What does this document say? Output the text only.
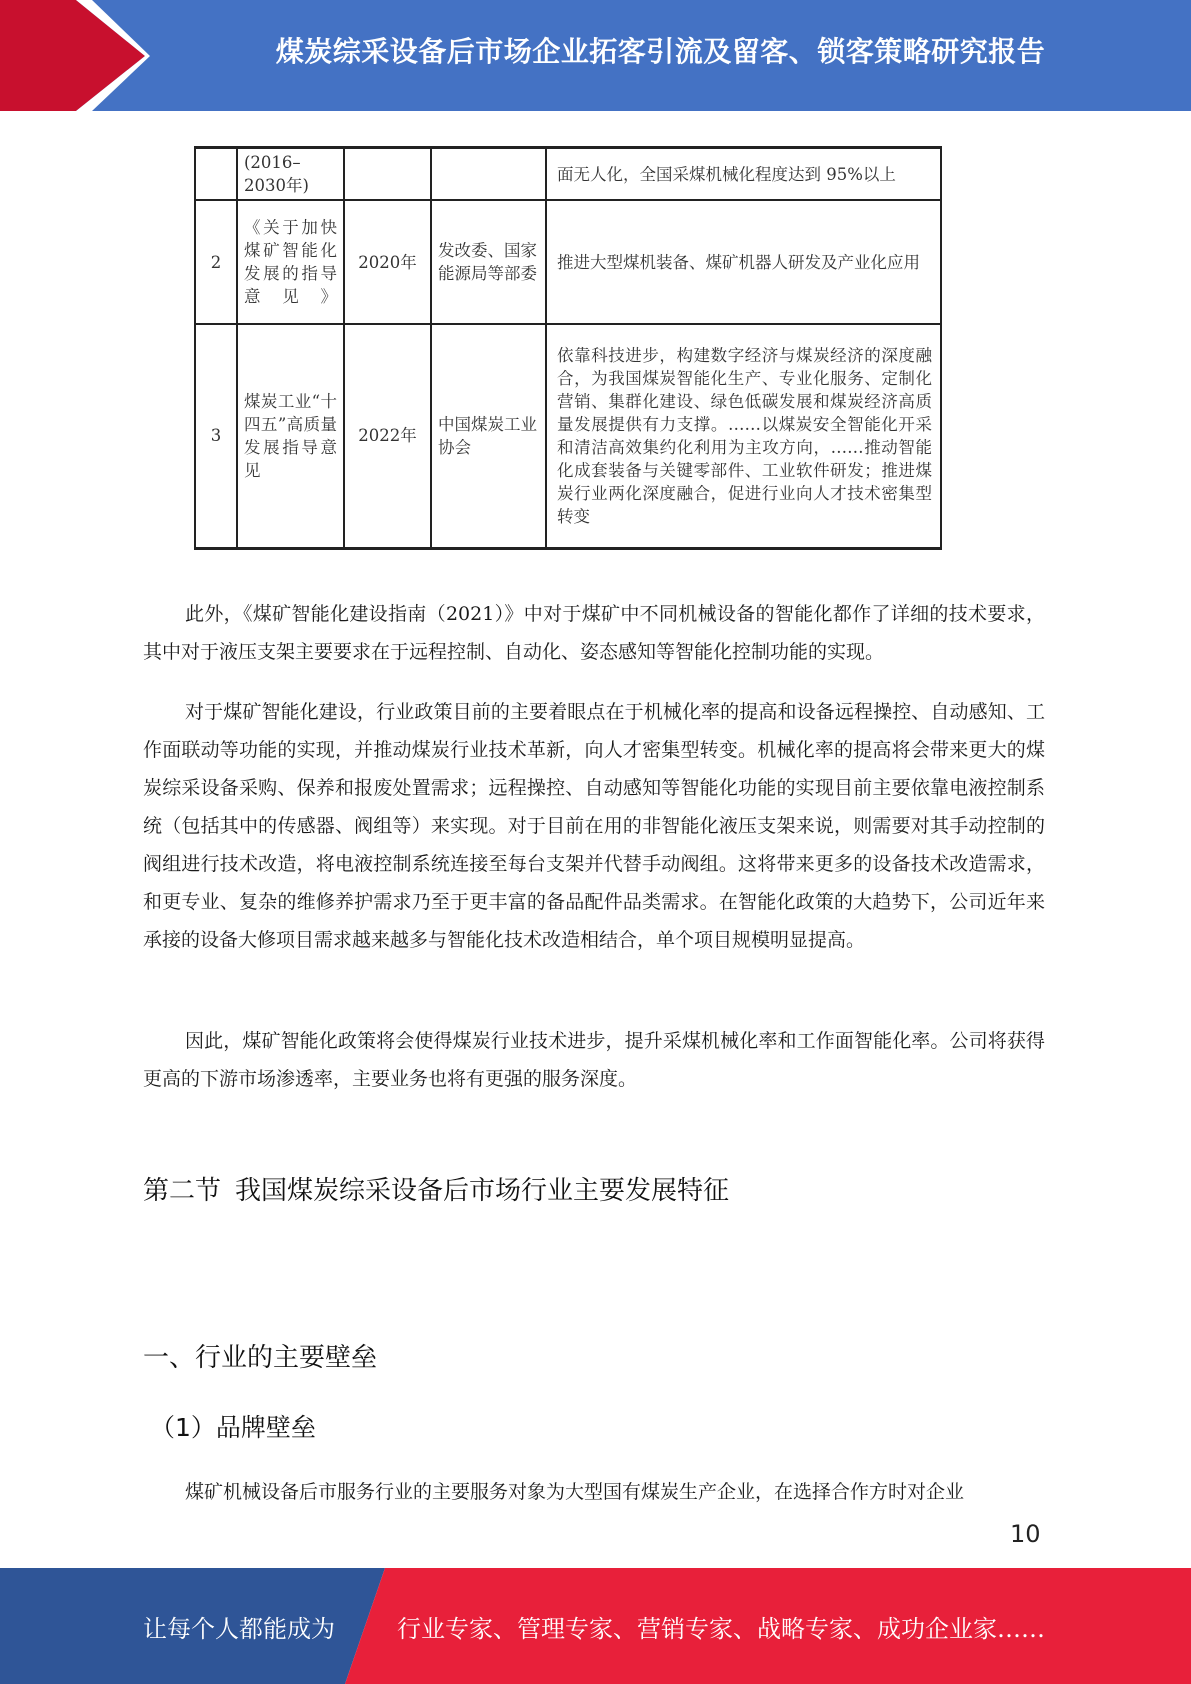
煤炭综采设备后市场企业拓客引流及留客、锁客策略研究报告
	(2016–2030年)			面无人化，全国采煤机械化程度达到 95%以上
2	《关于加快煤矿智能化发展的指导意见》	2020年	发改委、国家能源局等部委	推进大型煤机装备、煤矿机器人研发及产业化应用
3	煤炭工业“十四五”高质量发展指导意见	2022年	中国煤炭工业协会	依靠科技进步，构建数字经济与煤炭经济的深度融合，为我国煤炭智能化生产、专业化服务、定制化营销、集群化建设、绿色低碳发展和煤炭经济高质量发展提供有力支撑。……以煤炭安全智能化开采和清洁高效集约化利用为主攻方向，……推动智能化成套装备与关键零部件、工业软件研发；推进煤炭行业两化深度融合，促进行业向人才技术密集型转变

此外，《煤矿智能化建设指南（2021）》中对于煤矿中不同机械设备的智能化都作了详细的技术要求，其中对于液压支架主要要求在于远程控制、自动化、姿态感知等智能化控制功能的实现。

对于煤矿智能化建设，行业政策目前的主要着眼点在于机械化率的提高和设备远程操控、自动感知、工作面联动等功能的实现，并推动煤炭行业技术革新，向人才密集型转变。机械化率的提高将会带来更大的煤炭综采设备采购、保养和报废处置需求；远程操控、自动感知等智能化功能的实现目前主要依靠电液控制系统（包括其中的传感器、阀组等）来实现。对于目前在用的非智能化液压支架来说，则需要对其手动控制的阀组进行技术改造，将电液控制系统连接至每台支架并代替手动阀组。这将带来更多的设备技术改造需求，和更专业、复杂的维修养护需求乃至于更丰富的备品配件品类需求。在智能化政策的大趋势下，公司近年来承接的设备大修项目需求越来越多与智能化技术改造相结合，单个项目规模明显提高。

因此，煤矿智能化政策将会使得煤炭行业技术进步，提升采煤机械化率和工作面智能化率。公司将获得更高的下游市场渗透率，主要业务也将有更强的服务深度。

第二节 我国煤炭综采设备后市场行业主要发展特征
一、行业的主要壁垒
（1）品牌壁垒

煤矿机械设备后市服务行业的主要服务对象为大型国有煤炭生产企业，在选择合作方时对企业

10
让每个人都能成为	行业专家、管理专家、营销专家、战略专家、成功企业家……
